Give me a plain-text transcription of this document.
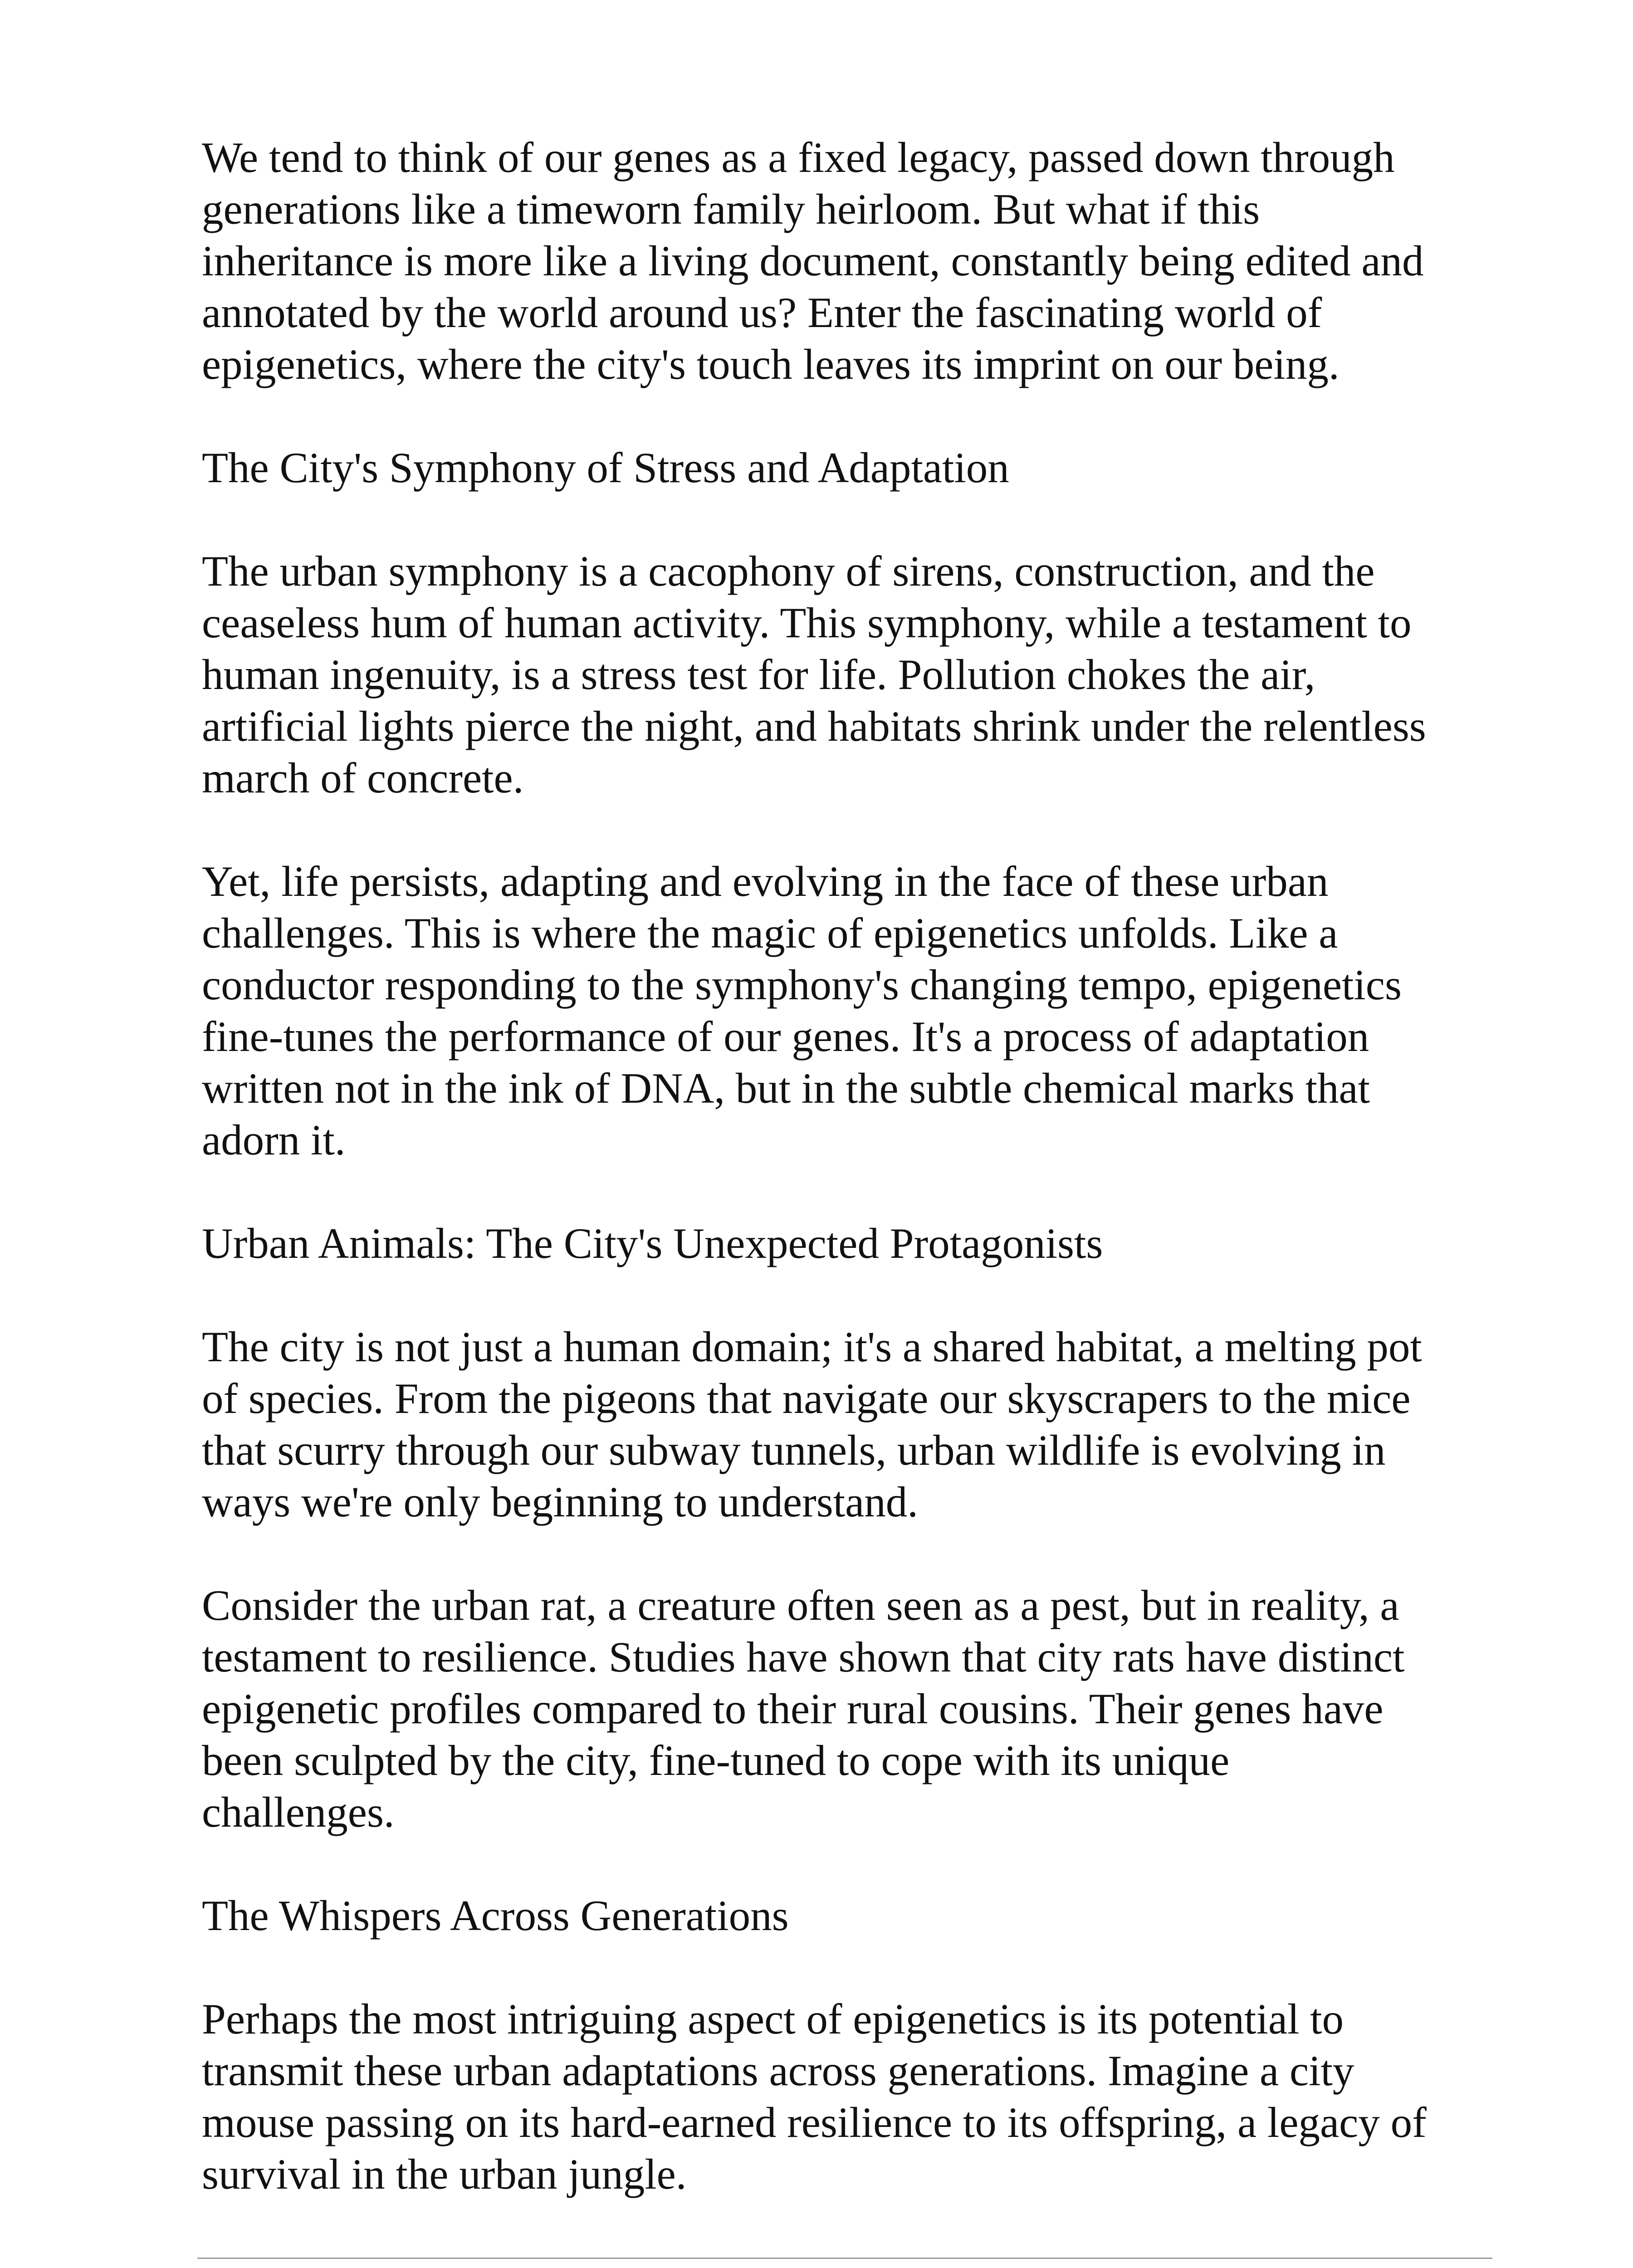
We tend to think of our genes as a fixed legacy, passed down through
generations like a timeworn family heirloom. But what if this
inheritance is more like a living document, constantly being edited and
annotated by the world around us? Enter the fascinating world of
epigenetics, where the city's touch leaves its imprint on our being.

The City's Symphony of Stress and Adaptation

The urban symphony is a cacophony of sirens, construction, and the
ceaseless hum of human activity. This symphony, while a testament to
human ingenuity, is a stress test for life. Pollution chokes the air,
artificial lights pierce the night, and habitats shrink under the relentless
march of concrete.

Yet, life persists, adapting and evolving in the face of these urban
challenges. This is where the magic of epigenetics unfolds. Like a
conductor responding to the symphony's changing tempo, epigenetics
fine-tunes the performance of our genes. It's a process of adaptation
written not in the ink of DNA, but in the subtle chemical marks that
adorn it.

Urban Animals: The City's Unexpected Protagonists

The city is not just a human domain; it's a shared habitat, a melting pot
of species. From the pigeons that navigate our skyscrapers to the mice
that scurry through our subway tunnels, urban wildlife is evolving in
ways we're only beginning to understand.

Consider the urban rat, a creature often seen as a pest, but in reality, a
testament to resilience. Studies have shown that city rats have distinct
epigenetic profiles compared to their rural cousins. Their genes have
been sculpted by the city, fine-tuned to cope with its unique
challenges.

The Whispers Across Generations

Perhaps the most intriguing aspect of epigenetics is its potential to
transmit these urban adaptations across generations. Imagine a city
mouse passing on its hard-earned resilience to its offspring, a legacy of
survival in the urban jungle.
